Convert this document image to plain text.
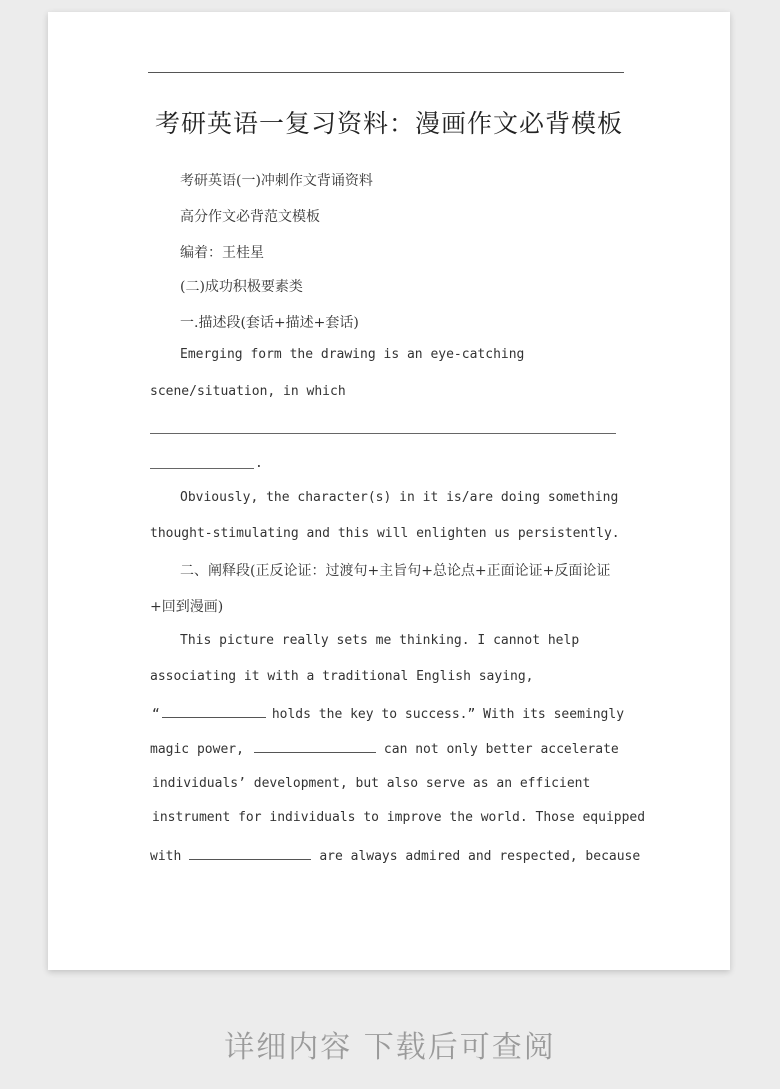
考研英语一复习资料：漫画作文必背模板
考研英语(一)冲刺作文背诵资料
高分作文必背范文模板
编着：王桂星
(二)成功积极要素类
一.描述段(套话+描述+套话)
Emerging form the drawing is an eye-catching
scene/situation, in which
.
Obviously, the character(s) in it is/are doing something
thought-stimulating and this will enlighten us persistently.
二、阐释段(正反论证：过渡句+主旨句+总论点+正面论证+反面论证
+回到漫画)
This picture really sets me thinking. I cannot help
associating it with a traditional English saying,
“	holds the key to success.” With its seemingly
magic power,	can not only better accelerate
individuals’ development, but also serve as an efficient
instrument for individuals to improve the world. Those equipped
with	are always admired and respected, because
详细内容 下载后可查阅
